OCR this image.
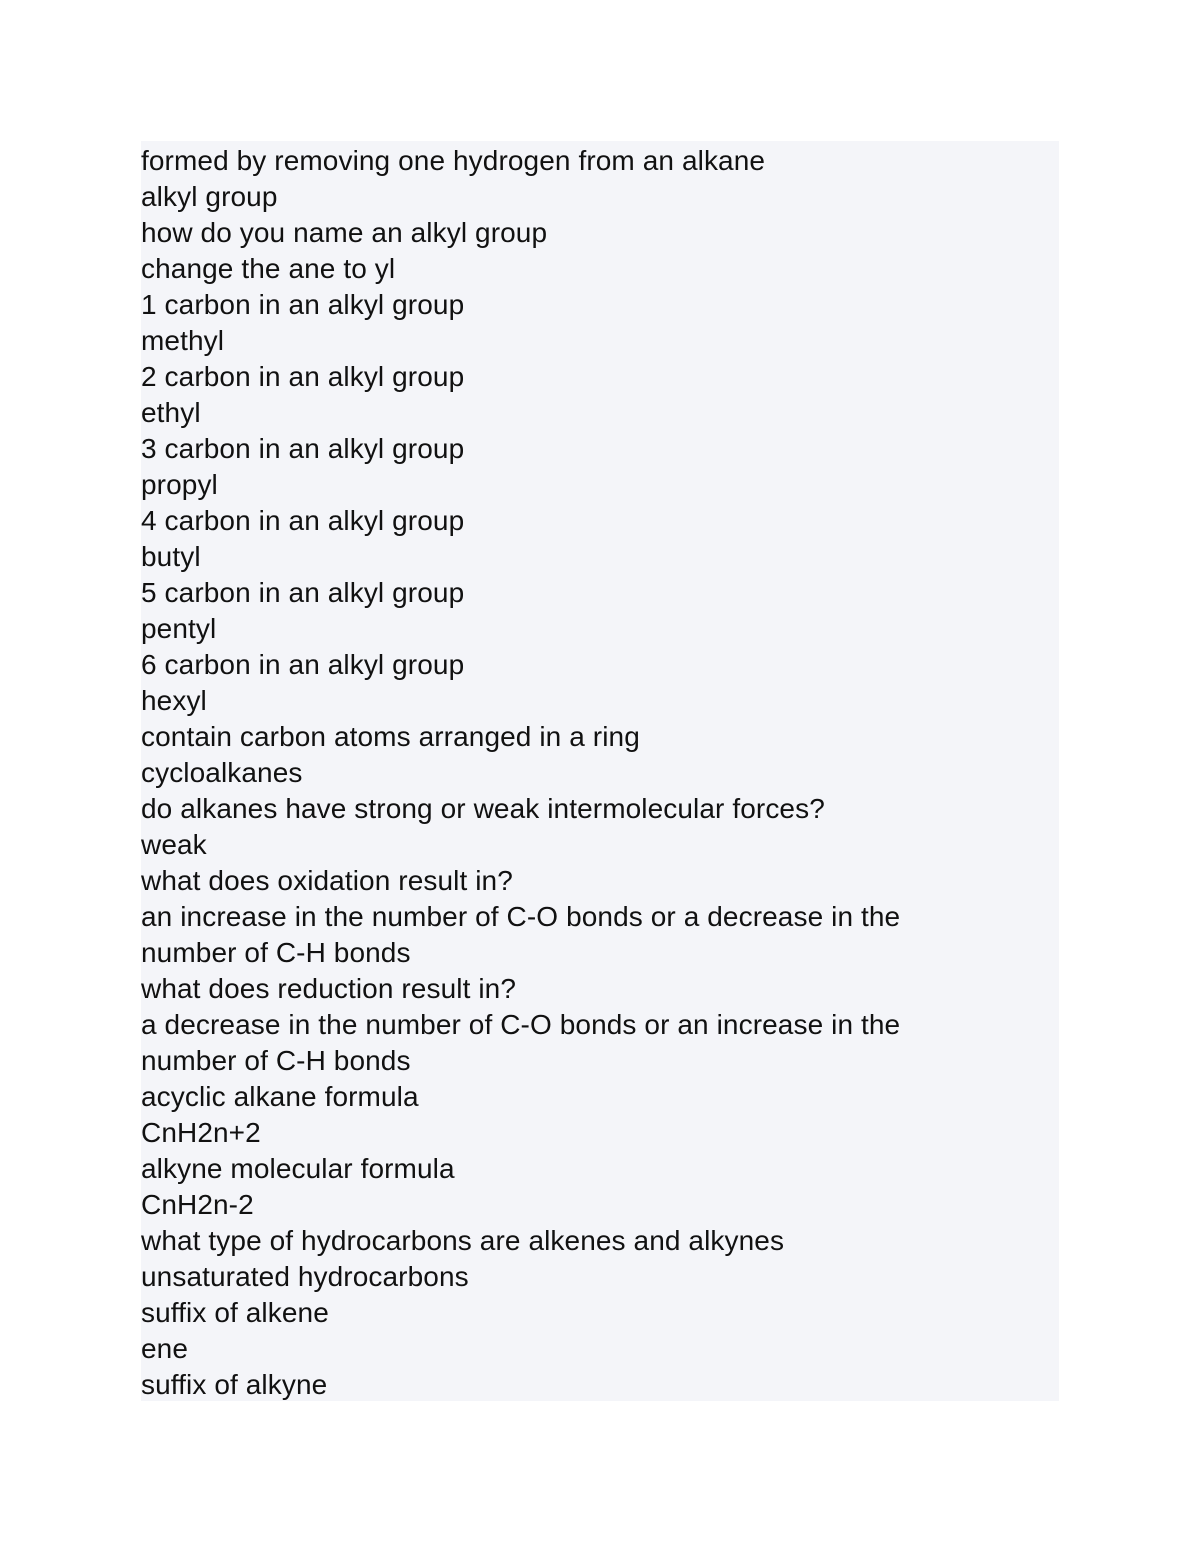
formed by removing one hydrogen from an alkane
alkyl group
how do you name an alkyl group
change the ane to yl
1 carbon in an alkyl group
methyl
2 carbon in an alkyl group
ethyl
3 carbon in an alkyl group
propyl
4 carbon in an alkyl group
butyl
5 carbon in an alkyl group
pentyl
6 carbon in an alkyl group
hexyl
contain carbon atoms arranged in a ring
cycloalkanes
do alkanes have strong or weak intermolecular forces?
weak
what does oxidation result in?
an increase in the number of C-O bonds or a decrease in the
number of C-H bonds
what does reduction result in?
a decrease in the number of C-O bonds or an increase in the
number of C-H bonds
acyclic alkane formula
CnH2n+2
alkyne molecular formula
CnH2n-2
what type of hydrocarbons are alkenes and alkynes
unsaturated hydrocarbons
suffix of alkene
ene
suffix of alkyne
